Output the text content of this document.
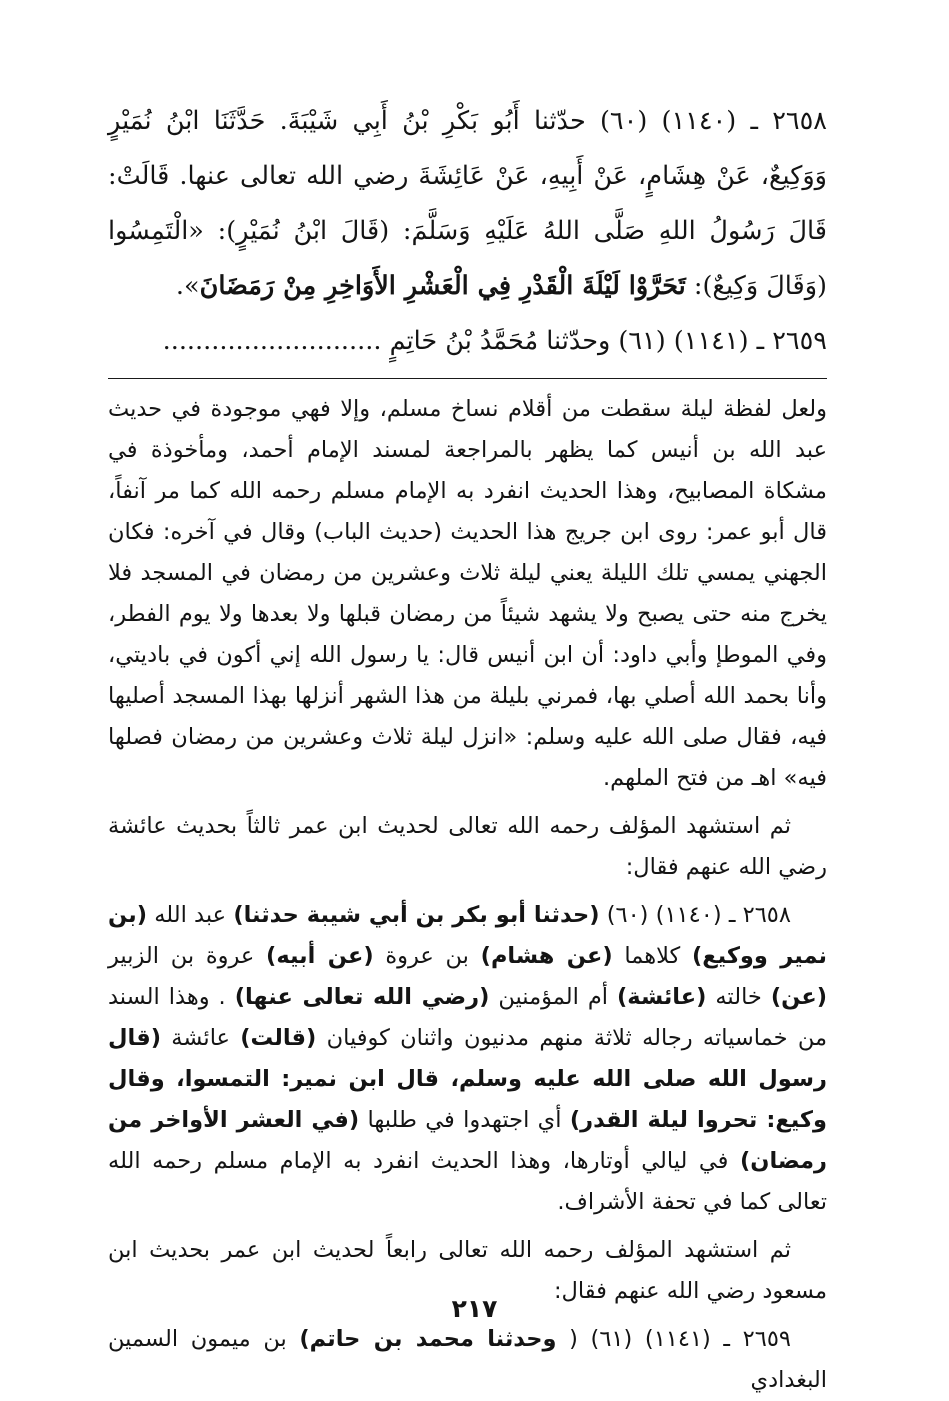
٢٦٥٨ ـ (١١٤٠) (٦٠) حدّثنا أَبُو بَكْرِ بْنُ أَبِي شَيْبَةَ. حَدَّثَنَا ابْنُ نُمَيْرٍ وَوَكِيعٌ، عَنْ هِشَامٍ، عَنْ أَبِيهِ، عَنْ عَائِشَةَ رضي الله تعالى عنها. قَالَتْ: قَالَ رَسُولُ اللهِ صَلَّى اللهُ عَلَيْهِ وَسَلَّمَ: (قَالَ ابْنُ نُمَيْرٍ): «الْتَمِسُوا (وَقَالَ وَكِيعٌ): تَحَرَّوْا لَيْلَةَ الْقَدْرِ فِي الْعَشْرِ الأَوَاخِرِ مِنْ رَمَضَانَ».

٢٦٥٩ ـ (١١٤١) (٦١) وحدّثنا مُحَمَّدُ بْنُ حَاتِمٍ ...........................

ولعل لفظة ليلة سقطت من أقلام نساخ مسلم، وإلا فهي موجودة في حديث عبد الله بن أنيس كما يظهر بالمراجعة لمسند الإمام أحمد، ومأخوذة في مشكاة المصابيح، وهذا الحديث انفرد به الإمام مسلم رحمه الله كما مر آنفاً، قال أبو عمر: روى ابن جريج هذا الحديث (حديث الباب) وقال في آخره: فكان الجهني يمسي تلك الليلة يعني ليلة ثلاث وعشرين من رمضان في المسجد فلا يخرج منه حتى يصبح ولا يشهد شيئاً من رمضان قبلها ولا بعدها ولا يوم الفطر، وفي الموطإ وأبي داود: أن ابن أنيس قال: يا رسول الله إني أكون في باديتي، وأنا بحمد الله أصلي بها، فمرني بليلة من هذا الشهر أنزلها بهذا المسجد أصليها فيه، فقال صلى الله عليه وسلم: «انزل ليلة ثلاث وعشرين من رمضان فصلها فيه» اهـ من فتح الملهم.

ثم استشهد المؤلف رحمه الله تعالى لحديث ابن عمر ثالثاً بحديث عائشة رضي الله عنهم فقال:

٢٦٥٨ ـ (١١٤٠) (٦٠) (حدثنا أبو بكر بن أبي شيبة حدثنا) عبد الله (بن نمير ووكيع) كلاهما (عن هشام) بن عروة (عن أبيه) عروة بن الزبير (عن) خالته (عائشة) أم المؤمنين (رضي الله تعالى عنها) . وهذا السند من خماسياته رجاله ثلاثة منهم مدنيون واثنان كوفيان (قالت) عائشة (قال رسول الله صلى الله عليه وسلم، قال ابن نمير: التمسوا، وقال وكيع: تحروا ليلة القدر) أي اجتهدوا في طلبها (في العشر الأواخر من رمضان) في ليالي أوتارها، وهذا الحديث انفرد به الإمام مسلم رحمه الله تعالى كما في تحفة الأشراف.

ثم استشهد المؤلف رحمه الله تعالى رابعاً لحديث ابن عمر بحديث ابن مسعود رضي الله عنهم فقال:

٢٦٥٩ ـ (١١٤١) (٦١) ( وحدثنا محمد بن حاتم) بن ميمون السمين البغدادي

٢١٧
